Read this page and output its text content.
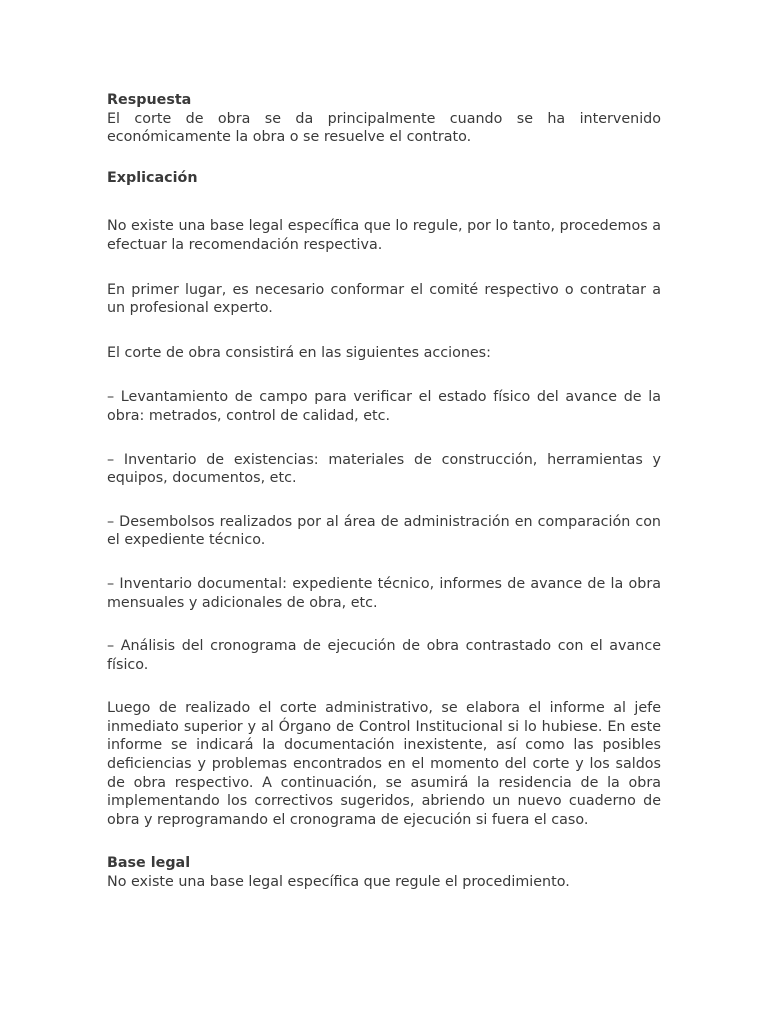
Respuesta

El corte de obra se da principalmente cuando se ha intervenido económicamente la obra o se resuelve el contrato.

Explicación

No existe una base legal específica que lo regule, por lo tanto, procedemos a efectuar la recomendación respectiva.

En primer lugar, es necesario conformar el comité respectivo o contratar a un profesional experto.

El corte de obra consistirá en las siguientes acciones:

– Levantamiento de campo para verificar el estado físico del avance de la obra: metrados, control de calidad, etc.

– Inventario de existencias: materiales de construcción, herramientas y equipos, documentos, etc.

– Desembolsos realizados por al área de administración en comparación con el expediente técnico.

– Inventario documental: expediente técnico, informes de avance de la obra mensuales y adicionales de obra, etc.

– Análisis del cronograma de ejecución de obra contrastado con el avance físico.

Luego de realizado el corte administrativo, se elabora el informe al jefe inmediato superior y al Órgano de Control Institucional si lo hubiese. En este informe se indicará la documentación inexistente, así como las posibles deficiencias y problemas encontrados en el momento del corte y los saldos de obra respectivo. A continuación, se asumirá la residencia de la obra implementando los correctivos sugeridos, abriendo un nuevo cuaderno de obra y reprogramando el cronograma de ejecución si fuera el caso.

Base legal

No existe una base legal específica que regule el procedimiento.
